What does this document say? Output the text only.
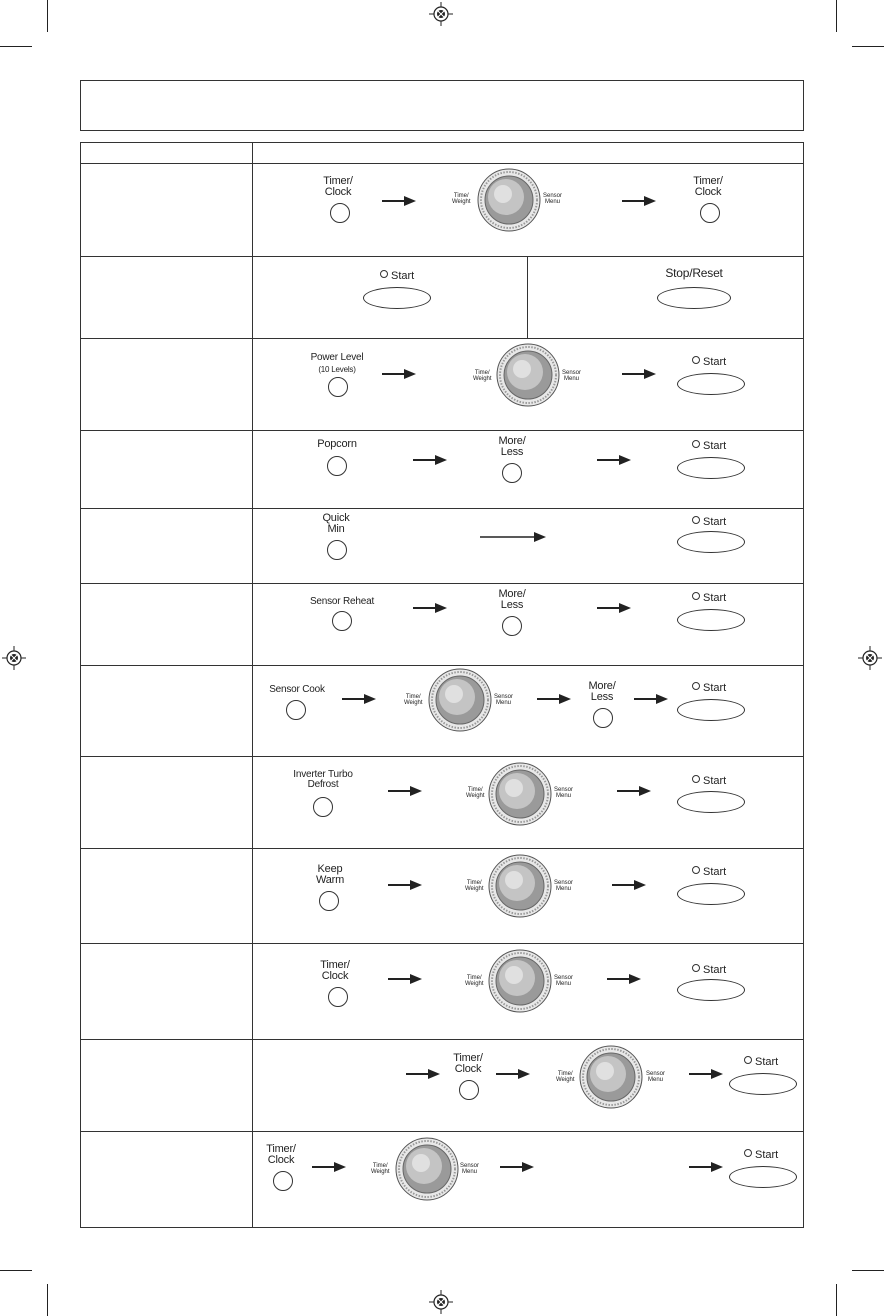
Timer/
Clock	Time/
Weight
Sensor
Menu
Timer/
Clock
Start	Stop/Reset
Power Level
(10 Levels)	Time/
Weight
Sensor
Menu
Start
Popcorn	More/
Less	Start
Quick
Min
Start
Sensor Reheat
More/
Less
Start
Sensor Cook
Time/
Weight
Sensor
Menu
More/
Less
Start
Inverter Turbo
Defrost	Time/
Weight
Sensor
Menu
Start
Keep
Warm	Time/
Weight
Sensor
Menu
Start
Timer/
Clock	Time/
Weight
Sensor
Menu
Start
Timer/
Clock	Time/
Weight
Sensor
Menu
Start
Timer/
Clock	Time/
Weight
Sensor
Menu
Start
